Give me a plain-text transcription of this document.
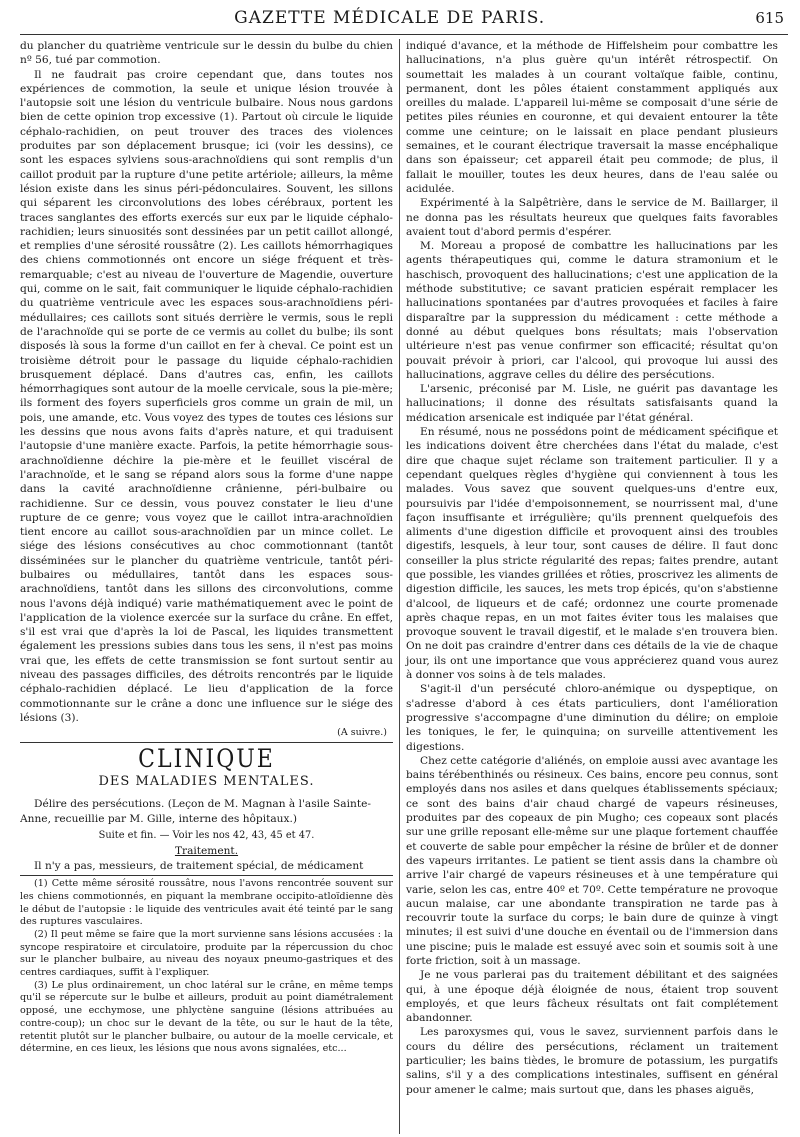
GAZETTE MÉDICALE DE PARIS.	615

du plancher du quatrième ventricule sur le dessin du bulbe du chien nº 56, tué par commotion.

Il ne faudrait pas croire cependant que, dans toutes nos expériences de commotion, la seule et unique lésion trouvée à l'autopsie soit une lésion du ventricule bulbaire. Nous nous gardons bien de cette opinion trop excessive (1). Partout où circule le liquide céphalo-rachidien, on peut trouver des traces des violences produites par son déplacement brusque; ici (voir les dessins), ce sont les espaces sylviens sous-arachnoïdiens qui sont remplis d'un caillot produit par la rupture d'une petite artériole; ailleurs, la même lésion existe dans les sinus péri-pédonculaires. Souvent, les sillons qui séparent les circonvolutions des lobes cérébraux, portent les traces sanglantes des efforts exercés sur eux par le liquide céphalo-rachidien; leurs sinuosités sont dessinées par un petit caillot allongé, et remplies d'une sérosité roussâtre (2). Les caillots hémorrhagiques des chiens commotionnés ont encore un siége fréquent et très-remarquable; c'est au niveau de l'ouverture de Magendie, ouverture qui, comme on le sait, fait communiquer le liquide céphalo-rachidien du quatrième ventricule avec les espaces sous-arachnoïdiens péri-médullaires; ces caillots sont situés derrière le vermis, sous le repli de l'arachnoïde qui se porte de ce vermis au collet du bulbe; ils sont disposés là sous la forme d'un caillot en fer à cheval. Ce point est un troisième détroit pour le passage du liquide céphalo-rachidien brusquement déplacé. Dans d'autres cas, enfin, les caillots hémorrhagiques sont autour de la moelle cervicale, sous la pie-mère; ils forment des foyers superficiels gros comme un grain de mil, un pois, une amande, etc. Vous voyez des types de toutes ces lésions sur les dessins que nous avons faits d'après nature, et qui traduisent l'autopsie d'une manière exacte. Parfois, la petite hémorrhagie sous-arachnoïdienne déchire la pie-mère et le feuillet viscéral de l'arachnoïde, et le sang se répand alors sous la forme d'une nappe dans la cavité arachnoïdienne crânienne, péri-bulbaire ou rachidienne. Sur ce dessin, vous pouvez constater le lieu d'une rupture de ce genre; vous voyez que le caillot intra-arachnoïdien tient encore au caillot sous-arachnoïdien par un mince collet. Le siége des lésions consécutives au choc commotionnant (tantôt disséminées sur le plancher du quatrième ventricule, tantôt péri-bulbaires ou médullaires, tantôt dans les espaces sous-arachnoïdiens, tantôt dans les sillons des circonvolutions, comme nous l'avons déjà indiqué) varie mathématiquement avec le point de l'application de la violence exercée sur la surface du crâne. En effet, s'il est vrai que d'après la loi de Pascal, les liquides transmettent également les pressions subies dans tous les sens, il n'est pas moins vrai que, les effets de cette transmission se font surtout sentir au niveau des passages difficiles, des détroits rencontrés par le liquide céphalo-rachidien déplacé. Le lieu d'application de la force commotionnante sur le crâne a donc une influence sur le siége des lésions (3).

(A suivre.)

CLINIQUE
DES MALADIES MENTALES.

Délire des persécutions. (Leçon de M. Magnan à l'asile Sainte-Anne, recueillie par M. Gille, interne des hôpitaux.)

Suite et fin. — Voir les nos 42, 43, 45 et 47.

Traitement.

Il n'y a pas, messieurs, de traitement spécial, de médicament

(1) Cette même sérosité roussâtre, nous l'avons rencontrée souvent sur les chiens commotionnés, en piquant la membrane occipito-atloïdienne dès le début de l'autopsie : le liquide des ventricules avait été teinté par le sang des ruptures vasculaires.

(2) Il peut même se faire que la mort survienne sans lésions accusées : la syncope respiratoire et circulatoire, produite par la répercussion du choc sur le plancher bulbaire, au niveau des noyaux pneumo-gastriques et des centres cardiaques, suffit à l'expliquer.

(3) Le plus ordinairement, un choc latéral sur le crâne, en même temps qu'il se répercute sur le bulbe et ailleurs, produit au point diamétralement opposé, une ecchymose, une phlyctène sanguine (lésions attribuées au contre-coup); un choc sur le devant de la tête, ou sur le haut de la tête, retentit plutôt sur le plancher bulbaire, ou autour de la moelle cervicale, et détermine, en ces lieux, les lésions que nous avons signalées, etc...

indiqué d'avance, et la méthode de Hiffelsheim pour combattre les hallucinations, n'a plus guère qu'un intérêt rétrospectif. On soumettait les malades à un courant voltaïque faible, continu, permanent, dont les pôles étaient constamment appliqués aux oreilles du malade. L'appareil lui-même se composait d'une série de petites piles réunies en couronne, et qui devaient entourer la tête comme une ceinture; on le laissait en place pendant plusieurs semaines, et le courant électrique traversait la masse encéphalique dans son épaisseur; cet appareil était peu commode; de plus, il fallait le mouiller, toutes les deux heures, dans de l'eau salée ou acidulée.

Expérimenté à la Salpêtrière, dans le service de M. Baillarger, il ne donna pas les résultats heureux que quelques faits favorables avaient tout d'abord permis d'espérer.

M. Moreau a proposé de combattre les hallucinations par les agents thérapeutiques qui, comme le datura stramonium et le haschisch, provoquent des hallucinations; c'est une application de la méthode substitutive; ce savant praticien espérait remplacer les hallucinations spontanées par d'autres provoquées et faciles à faire disparaître par la suppression du médicament : cette méthode a donné au début quelques bons résultats; mais l'observation ultérieure n'est pas venue confirmer son efficacité; résultat qu'on pouvait prévoir à priori, car l'alcool, qui provoque lui aussi des hallucinations, aggrave celles du délire des persécutions.

L'arsenic, préconisé par M. Lisle, ne guérit pas davantage les hallucinations; il donne des résultats satisfaisants quand la médication arsenicale est indiquée par l'état général.

En résumé, nous ne possédons point de médicament spécifique et les indications doivent être cherchées dans l'état du malade, c'est dire que chaque sujet réclame son traitement particulier. Il y a cependant quelques règles d'hygiène qui conviennent à tous les malades. Vous savez que souvent quelques-uns d'entre eux, poursuivis par l'idée d'empoisonnement, se nourrissent mal, d'une façon insuffisante et irrégulière; qu'ils prennent quelquefois des aliments d'une digestion difficile et provoquent ainsi des troubles digestifs, lesquels, à leur tour, sont causes de délire. Il faut donc conseiller la plus stricte régularité des repas; faites prendre, autant que possible, les viandes grillées et rôties, proscrivez les aliments de digestion difficile, les sauces, les mets trop épicés, qu'on s'abstienne d'alcool, de liqueurs et de café; ordonnez une courte promenade après chaque repas, en un mot faites éviter tous les malaises que provoque souvent le travail digestif, et le malade s'en trouvera bien. On ne doit pas craindre d'entrer dans ces détails de la vie de chaque jour, ils ont une importance que vous apprécierez quand vous aurez à donner vos soins à de tels malades.

S'agit-il d'un persécuté chloro-anémique ou dyspeptique, on s'adresse d'abord à ces états particuliers, dont l'amélioration progressive s'accompagne d'une diminution du délire; on emploie les toniques, le fer, le quinquina; on surveille attentivement les digestions.

Chez cette catégorie d'aliénés, on emploie aussi avec avantage les bains térébenthinés ou résineux. Ces bains, encore peu connus, sont employés dans nos asiles et dans quelques établissements spéciaux; ce sont des bains d'air chaud chargé de vapeurs résineuses, produites par des copeaux de pin Mugho; ces copeaux sont placés sur une grille reposant elle-même sur une plaque fortement chauffée et couverte de sable pour empêcher la résine de brûler et de donner des vapeurs irritantes. Le patient se tient assis dans la chambre où arrive l'air chargé de vapeurs résineuses et à une température qui varie, selon les cas, entre 40º et 70º. Cette température ne provoque aucun malaise, car une abondante transpiration ne tarde pas à recouvrir toute la surface du corps; le bain dure de quinze à vingt minutes; il est suivi d'une douche en éventail ou de l'immersion dans une piscine; puis le malade est essuyé avec soin et soumis soit à une forte friction, soit à un massage.

Je ne vous parlerai pas du traitement débilitant et des saignées qui, à une époque déjà éloignée de nous, étaient trop souvent employés, et que leurs fâcheux résultats ont fait complétement abandonner.

Les paroxysmes qui, vous le savez, surviennent parfois dans le cours du délire des persécutions, réclament un traitement particulier; les bains tièdes, le bromure de potassium, les purgatifs salins, s'il y a des complications intestinales, suffisent en général pour amener le calme; mais surtout que, dans les phases aiguës,
